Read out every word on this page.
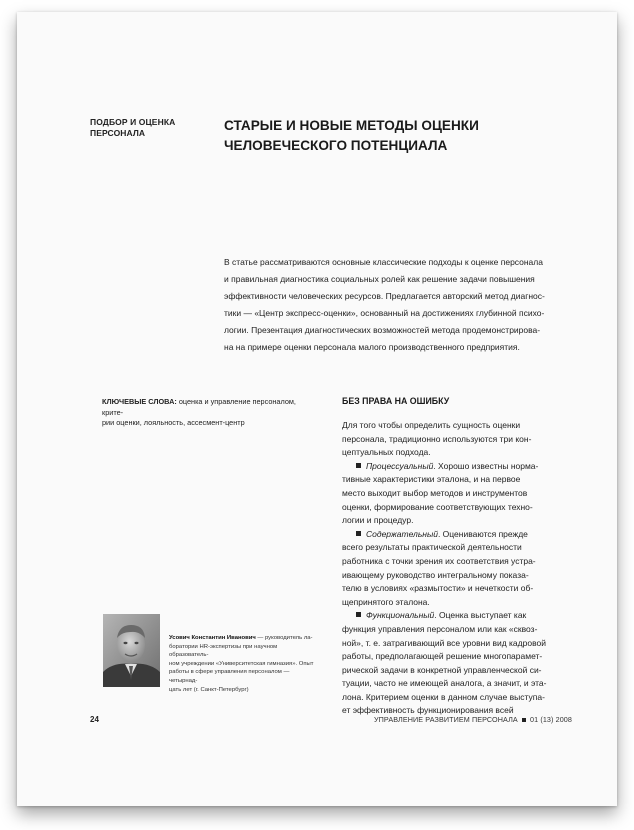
ПОДБОР И ОЦЕНКА
ПЕРСОНАЛА	СТАРЫЕ И НОВЫЕ МЕТОДЫ ОЦЕНКИ
ЧЕЛОВЕЧЕСКОГО ПОТЕНЦИАЛА
В статье рассматриваются основные классические подходы к оценке персонала
и правильная диагностика социальных ролей как решение задачи повышения
эффективности человеческих ресурсов. Предлагается авторский метод диагнос-
тики — «Центр экспресс-оценки», основанный на достижениях глубинной психо-
логии. Презентация диагностических возможностей метода продемонстрирова-
на на примере оценки персонала малого производственного предприятия.
КЛЮЧЕВЫЕ СЛОВА: оценка и управление персоналом, крите-
рии оценки, лояльность, ассесмент-центр
БЕЗ ПРАВА НА ОШИБКУ

Для того чтобы определить сущность оценки

персонала, традиционно используются три кон-

цептуальных подхода.

Процессуальный. Хорошо известны норма-

тивные характеристики эталона, и на первое

место выходит выбор методов и инструментов

оценки, формирование соответствующих техно-

логии и процедур.

Содержательный. Оцениваются прежде

всего результаты практической деятельности

работника с точки зрения их соответствия устра-

ивающему руководство интегральному показа-

телю в условиях «размытости» и нечеткости об-

щепринятого эталона.

Функциональный. Оценка выступает как

функция управления персоналом или как «сквоз-

ной», т. е. затрагивающий все уровни вид кадровой

работы, предполагающей решение многопарамет-

рической задачи в конкретной управленческой си-

туации, часто не имеющей аналога, а значит, и эта-

лона. Критерием оценки в данном случае выступа-

ет эффективность функционирования всей

Усович Константин Иванович — руководитель ла-
боратории HR-экспертизы при научном образователь-
ном учреждении «Университетская гимназия». Опыт
работы в сфере управления персоналом — четырнад-
цать лет (г. Санкт-Петербург)
24	УПРАВЛЕНИЕ РАЗВИТИЕМ ПЕРСОНАЛА 01 (13) 2008
